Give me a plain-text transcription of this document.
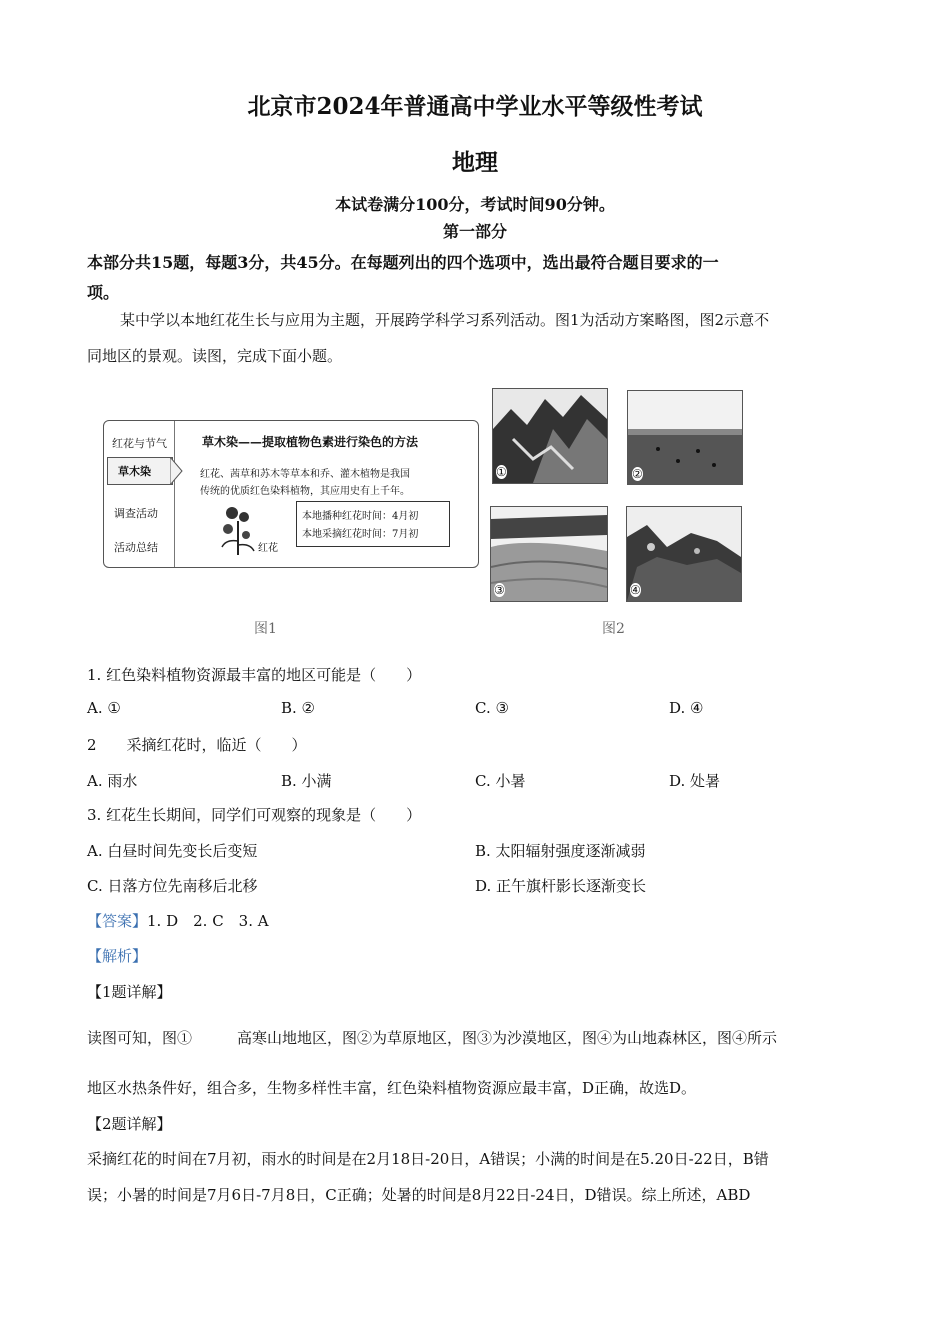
北京市2024年普通高中学业水平等级性考试
地理
本试卷满分100分，考试时间90分钟。
第一部分
本部分共15题，每题3分，共45分。在每题列出的四个选项中，选出最符合题目要求的一
项。
某中学以本地红花生长与应用为主题，开展跨学科学习系列活动。图1为活动方案略图，图2示意不
同地区的景观。读图，完成下面小题。
红花与节气
草木染
调查活动
活动总结
草木染——提取植物色素进行染色的方法
红花、茜草和苏木等草本和乔、灌木植物是我国
传统的优质红色染料植物，其应用史有上千年。
红花
本地播种红花时间：4月初
本地采摘红花时间：7月初
图1
①	②
③	④
图2
1. 红色染料植物资源最丰富的地区可能是（　　）
A. ①	B. ②	C. ③	D. ④
2　　采摘红花时，临近（　　）
A. 雨水	B. 小满	C. 小暑	D. 处暑
3. 红花生长期间，同学们可观察的现象是（　　）
A. 白昼时间先变长后变短	B. 太阳辐射强度逐渐减弱
C. 日落方位先南移后北移	D. 正午旗杆影长逐渐变长
【答案】1. D　2. C　3. A
【解析】
【1题详解】
读图可知，图①　　　高寒山地地区，图②为草原地区，图③为沙漠地区，图④为山地森林区，图④所示
地区水热条件好，组合多，生物多样性丰富，红色染料植物资源应最丰富，D正确，故选D。
【2题详解】
采摘红花的时间在7月初，雨水的时间是在2月18日-20日，A错误；小满的时间是在5.20日-22日，B错
误；小暑的时间是7月6日-7月8日，C正确；处暑的时间是8月22日-24日，D错误。综上所述，ABD
